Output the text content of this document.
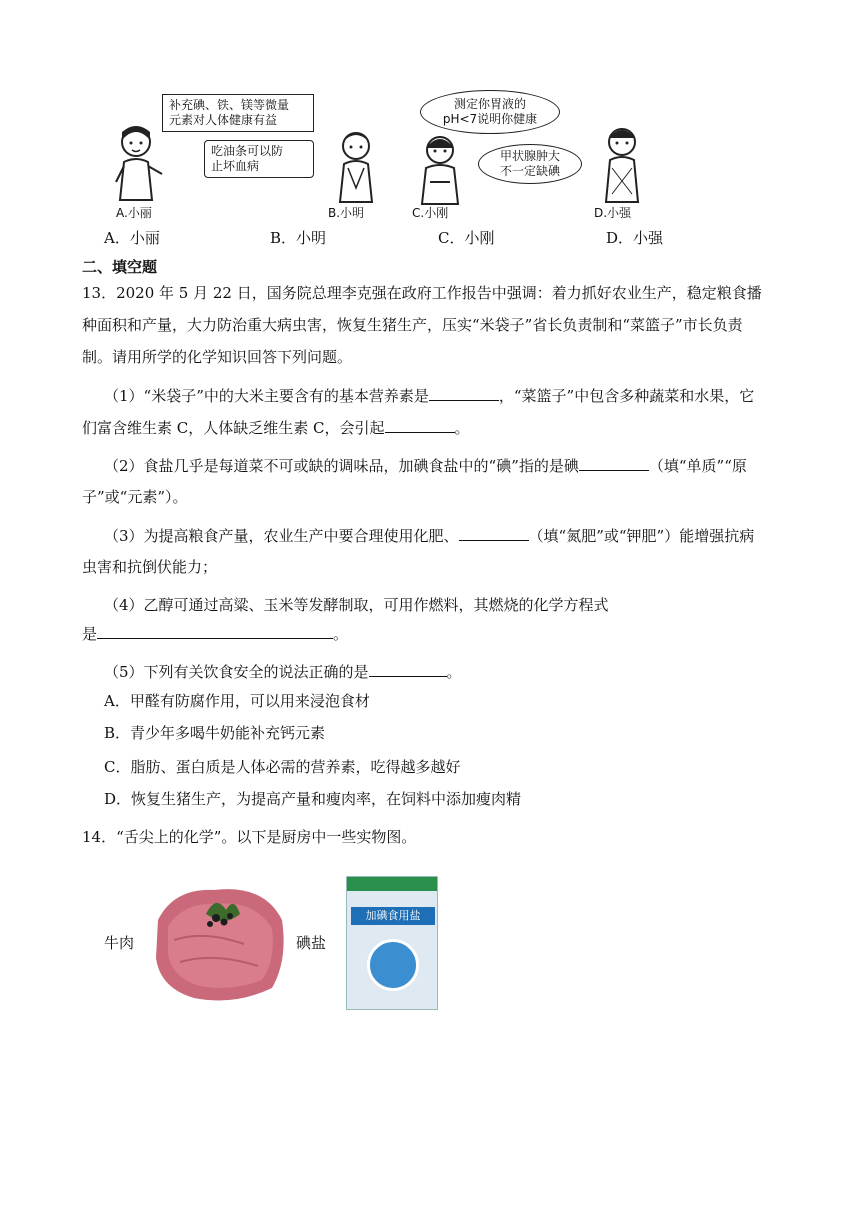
补充碘、铁、镁等微量
元素对人体健康有益
吃油条可以防
止坏血病
测定你胃液的
pH<7说明你健康
甲状腺肿大
不一定缺碘
A.小丽	B.小明	C.小刚	D.小强
A．小丽	B．小明	C．小刚	D．小强
二、填空题
13．2020 年 5 月 22 日，国务院总理李克强在政府工作报告中强调：着力抓好农业生产，稳定粮食播
种面积和产量，大力防治重大病虫害，恢复生猪生产，压实“米袋子”省长负责制和“菜篮子”市长负责
制。请用所学的化学知识回答下列问题。
（1）“米袋子”中的大米主要含有的基本营养素是	，“菜篮子”中包含多种蔬菜和水果，它
们富含维生素 C，人体缺乏维生素 C，会引起	。
（2）食盐几乎是每道菜不可或缺的调味品，加碘食盐中的“碘”指的是碘	（填“单质”“原
子”或“元素”）。
（3）为提高粮食产量，农业生产中要合理使用化肥、	（填“氮肥”或“钾肥”）能增强抗病
虫害和抗倒伏能力；
（4）乙醇可通过高粱、玉米等发酵制取，可用作燃料，其燃烧的化学方程式
是	。
（5）下列有关饮食安全的说法正确的是	。
A．甲醛有防腐作用，可以用来浸泡食材
B．青少年多喝牛奶能补充钙元素
C．脂肪、蛋白质是人体必需的营养素，吃得越多越好
D．恢复生猪生产，为提高产量和瘦肉率，在饲料中添加瘦肉精
14．“舌尖上的化学”。以下是厨房中一些实物图。
牛肉	碘盐
加碘食用盐
